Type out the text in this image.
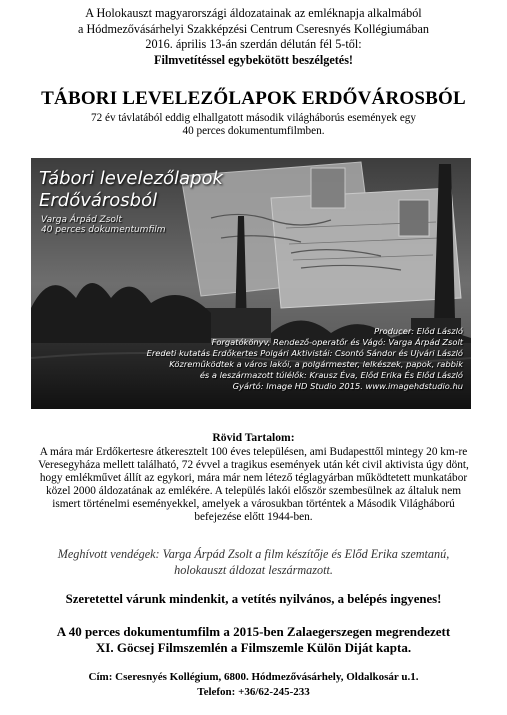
A Holokauszt magyarországi áldozatainak az emléknapja alkalmából
a Hódmezővásárhelyi Szakképzési Centrum Cseresnyés Kollégiumában
2016. április 13-án szerdán délután fél 5-től:
Filmvetítéssel egybekötött beszélgetés!
TÁBORI LEVELEZŐLAPOK ERDŐVÁROSBÓL
72 év távlatából eddig elhallgatott második világháborús események egy
40 perces dokumentumfilmben.
Tábori levelezőlapok
Erdővárosból
Varga Árpád Zsolt
40 perces dokumentumfilm
Producer: Előd László
Forgatókönyv, Rendező-operatőr és Vágó: Varga Árpád Zsolt
Eredeti kutatás Erdőkertes Polgári Aktivistái: Csontó Sándor és Ujvári László
Közreműködtek a város lakói, a polgármester, lelkészek, papok, rabbik
és a leszármazott túlélők: Krausz Éva, Előd Erika És Előd László
Gyártó: Image HD Studio 2015. www.imagehdstudio.hu
Rövid Tartalom:
A mára már Erdőkertesre átkeresztelt 100 éves településen, ami Budapesttől mintegy 20 km-re
Veresegyháza mellett található, 72 évvel a tragikus események után két civil aktivista úgy dönt,
hogy emlékművet állít az egykori, mára már nem létező téglagyárban működtetett munkatábor
közel 2000 áldozatának az emlékére. A település lakói először szembesülnek az általuk nem
ismert történelmi eseményekkel, amelyek a városukban történtek a Második Világháború
befejezése előtt 1944-ben.
Meghívott vendégek: Varga Árpád Zsolt a film készítője és Előd Erika szemtanú,
holokauszt áldozat leszármazott.
Szeretettel várunk mindenkit, a vetítés nyilvános, a belépés ingyenes!
A 40 perces dokumentumfilm a 2015-ben Zalaegerszegen megrendezett
XI. Göcsej Filmszemlén a Filmszemle Külön Diját kapta.
Cím: Cseresnyés Kollégium, 6800. Hódmezővásárhely, Oldalkosár u.1.
Telefon: +36/62-245-233
